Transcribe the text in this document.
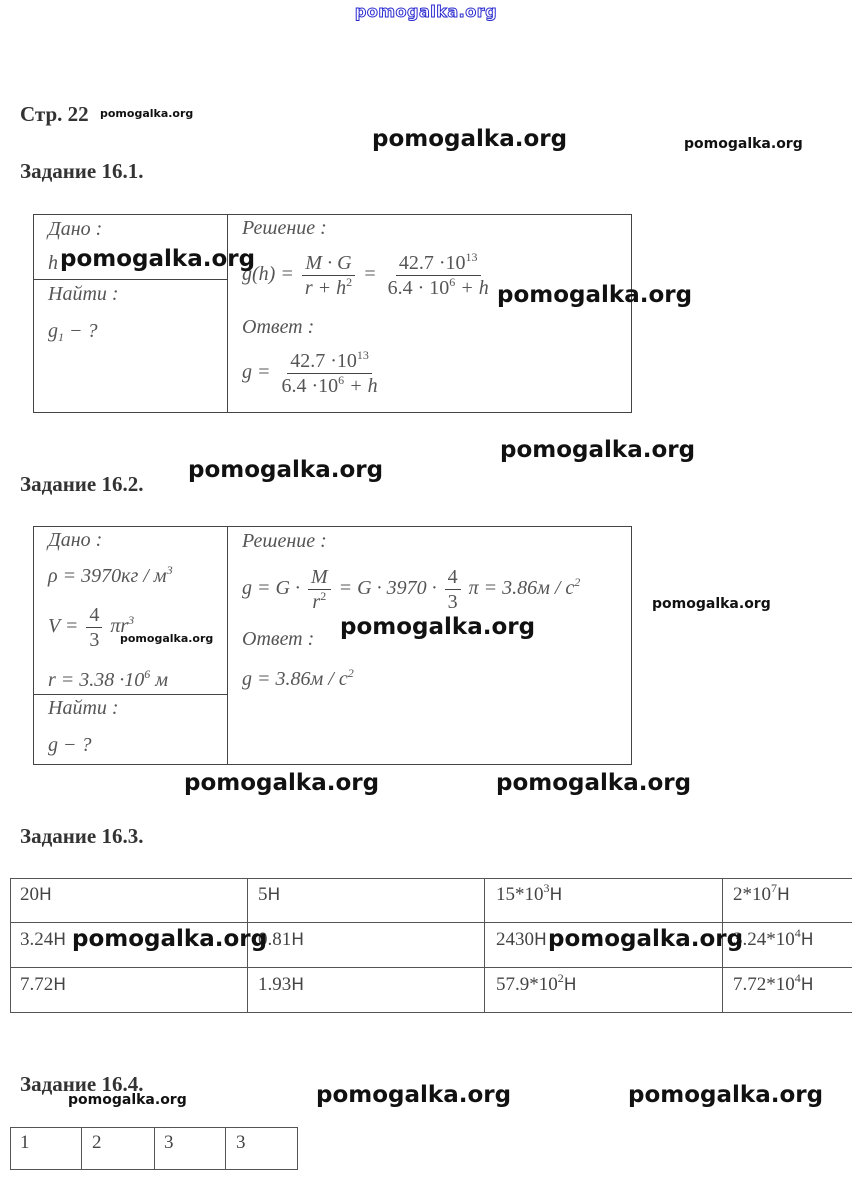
pomogalka.org
Стр. 22 pomogalka.org
pomogalka.org	pomogalka.org
Задание 16.1.
Дано :
h
Найти :
$g_1$ − ?
Решение :
$g(h) = \frac{M \cdot G}{r + h^2} = \frac{42.7 \cdot 10^{13}}{6.4 \cdot 10^6 + h}$
Ответ :
$g = \frac{42.7 \cdot 10^{13}}{6.4 \cdot 10^6 + h}$
pomogalka.org
pomogalka.org
pomogalka.org
pomogalka.org
Задание 16.2.
Дано :
$\rho = 3970кг / м^3$
$V = \frac{4}{3} \pi r^3$
$r = 3.38 \cdot 10^6$ м
Найти :
g − ?
Решение :
$g = G \cdot \frac{M}{r^2} = G \cdot 3970 \cdot \frac{4}{3}$ $\pi = 3.86м / с^2$
Ответ :
$g = 3.86м / с^2$
pomogalka.org
pomogalka.org	pomogalka.org
pomogalka.org	pomogalka.org
Задание 16.3.
20Н	5Н	$15*10^3Н$	$2*10^7Н$
3.24Н	0.81Н	2430Н	$3.24*10^4Н$
7.72Н	1.93Н	$57.9*10^2Н$	$7.72*10^4Н$
pomogalka.org	pomogalka.org
Задание 16.4.
pomogalka.org	pomogalka.org	pomogalka.org
1	2	3	3
